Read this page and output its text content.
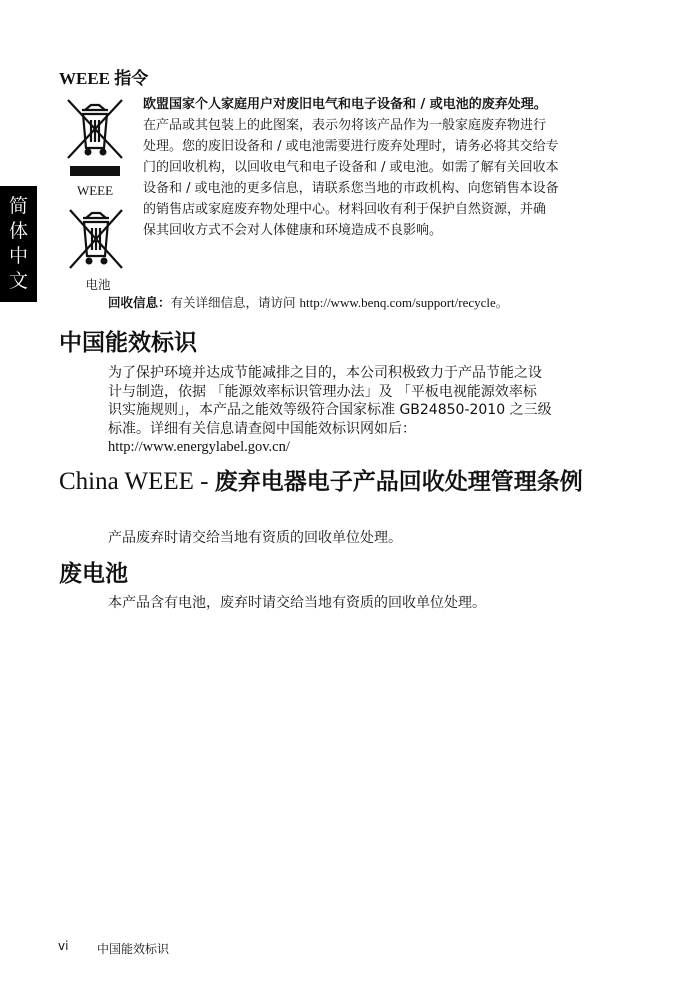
简
体
中
文
WEEE 指令
WEEE
电池
欧盟国家个人家庭用户对废旧电气和电子设备和 / 或电池的废弃处理。
在产品或其包装上的此图案，表示勿将该产品作为一般家庭废弃物进行
处理。您的废旧设备和 / 或电池需要进行废弃处理时，请务必将其交给专
门的回收机构，以回收电气和电子设备和 / 或电池。如需了解有关回收本
设备和 / 或电池的更多信息，请联系您当地的市政机构、向您销售本设备
的销售店或家庭废弃物处理中心。材料回收有利于保护自然资源，并确
保其回收方式不会对人体健康和环境造成不良影响。
回收信息：有关详细信息，请访问 http://www.benq.com/support/recycle。
中国能效标识
为了保护环境并达成节能减排之目的，本公司积极致力于产品节能之设
计与制造，依据 「能源效率标识管理办法」及 「平板电视能源效率标
识实施规则」，本产品之能效等级符合国家标准 GB24850-2010 之三级
标准。详细有关信息请查阅中国能效标识网如后：
http://www.energylabel.gov.cn/
China WEEE - 废弃电器电子产品回收处理管理条例
产品废弃时请交给当地有资质的回收单位处理。
废电池
本产品含有电池，废弃时请交给当地有资质的回收单位处理。
vi 中国能效标识
